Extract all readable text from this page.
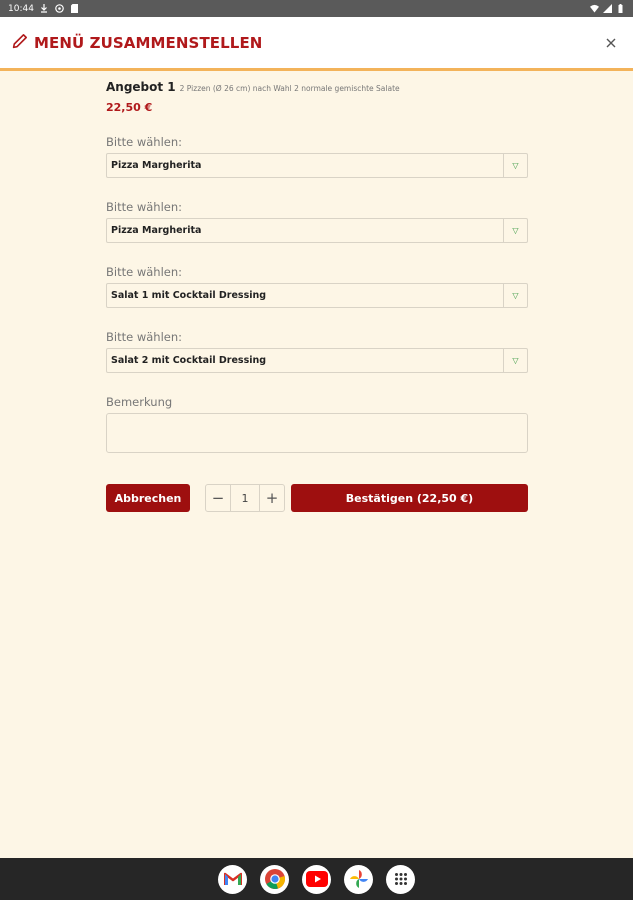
10:44
MENÜ ZUSAMMENSTELLEN
Angebot 1 2 Pizzen (Ø 26 cm) nach Wahl 2 normale gemischte Salate
22,50 €
Bitte wählen:
Pizza Margherita	▽
Bitte wählen:
Pizza Margherita	▽
Bitte wählen:
Salat 1 mit Cocktail Dressing	▽
Bitte wählen:
Salat 2 mit Cocktail Dressing	▽
Bemerkung
Abbrechen	−	1	+	Bestätigen (22,50 €)
